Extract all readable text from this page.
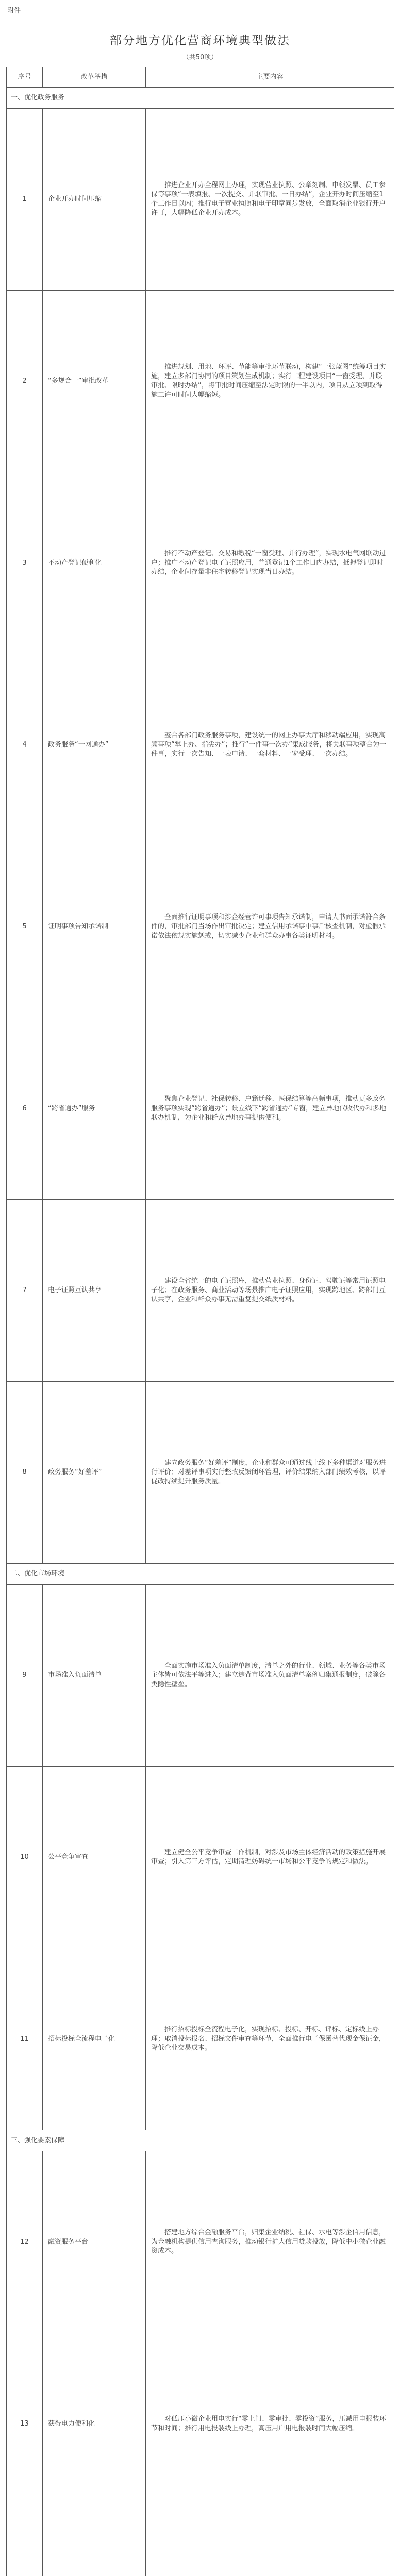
附件
部分地方优化营商环境典型做法
（共50项）
序号	改革举措	主要内容

一、优化政务服务		

1	企业开办时间压缩	推进企业开办全程网上办理，实现营业执照、公章刻制、申领发票、员工参保等事项“一表填报、一次提交、并联审批、一日办结”，企业开办时间压缩至1个工作日以内；推行电子营业执照和电子印章同步发放，全面取消企业银行开户许可，大幅降低企业开办成本。
2	“多规合一”审批改革	推进规划、用地、环评、节能等审批环节联动，构建“一张蓝图”统筹项目实施，建立多部门协同的项目策划生成机制；实行工程建设项目“一窗受理、并联审批、限时办结”，将审批时间压缩至法定时限的一半以内，项目从立项到取得施工许可时间大幅缩短。
3	不动产登记便利化	推行不动产登记、交易和缴税“一窗受理、并行办理”，实现水电气网联动过户；推广不动产登记电子证照应用，普通登记1个工作日内办结，抵押登记即时办结，企业间存量非住宅转移登记实现当日办结。
4	政务服务“一网通办”	整合各部门政务服务事项，建设统一的网上办事大厅和移动端应用，实现高频事项“掌上办、指尖办”；推行“一件事一次办”集成服务，将关联事项整合为一件事，实行一次告知、一表申请、一套材料、一窗受理、一次办结。
5	证明事项告知承诺制	全面推行证明事项和涉企经营许可事项告知承诺制，申请人书面承诺符合条件的，审批部门当场作出审批决定；建立信用承诺事中事后核查机制，对虚假承诺依法依规实施惩戒，切实减少企业和群众办事各类证明材料。
6	“跨省通办”服务	聚焦企业登记、社保转移、户籍迁移、医保结算等高频事项，推动更多政务服务事项实现“跨省通办”；设立线下“跨省通办”专窗，建立异地代收代办和多地联办机制，为企业和群众异地办事提供便利。
7	电子证照互认共享	建设全省统一的电子证照库，推动营业执照、身份证、驾驶证等常用证照电子化；在政务服务、商业活动等场景推广电子证照应用，实现跨地区、跨部门互认共享，企业和群众办事无需重复提交纸质材料。
8	政务服务“好差评”	建立政务服务“好差评”制度，企业和群众可通过线上线下多种渠道对服务进行评价；对差评事项实行整改反馈闭环管理，评价结果纳入部门绩效考核，以评促改持续提升服务质量。

二、优化市场环境		

9	市场准入负面清单	全面实施市场准入负面清单制度，清单之外的行业、领域、业务等各类市场主体皆可依法平等进入；建立违背市场准入负面清单案例归集通报制度，破除各类隐性壁垒。
10	公平竞争审查	建立健全公平竞争审查工作机制，对涉及市场主体经济活动的政策措施开展审查；引入第三方评估，定期清理妨碍统一市场和公平竞争的规定和做法。
11	招标投标全流程电子化	推行招标投标全流程电子化，实现招标、投标、开标、评标、定标线上办理；取消投标报名、招标文件审查等环节，全面推行电子保函替代现金保证金，降低企业交易成本。

三、强化要素保障		

12	融资服务平台	搭建地方综合金融服务平台，归集企业纳税、社保、水电等涉企信用信息，为金融机构提供信用查询服务，推动银行扩大信用贷款投放，降低中小微企业融资成本。
13	获得电力便利化	对低压小微企业用电实行“零上门、零审批、零投资”服务，压减用电报装环节和时间；推行用电报装线上办理，高压用户用电报装时间大幅压缩。
